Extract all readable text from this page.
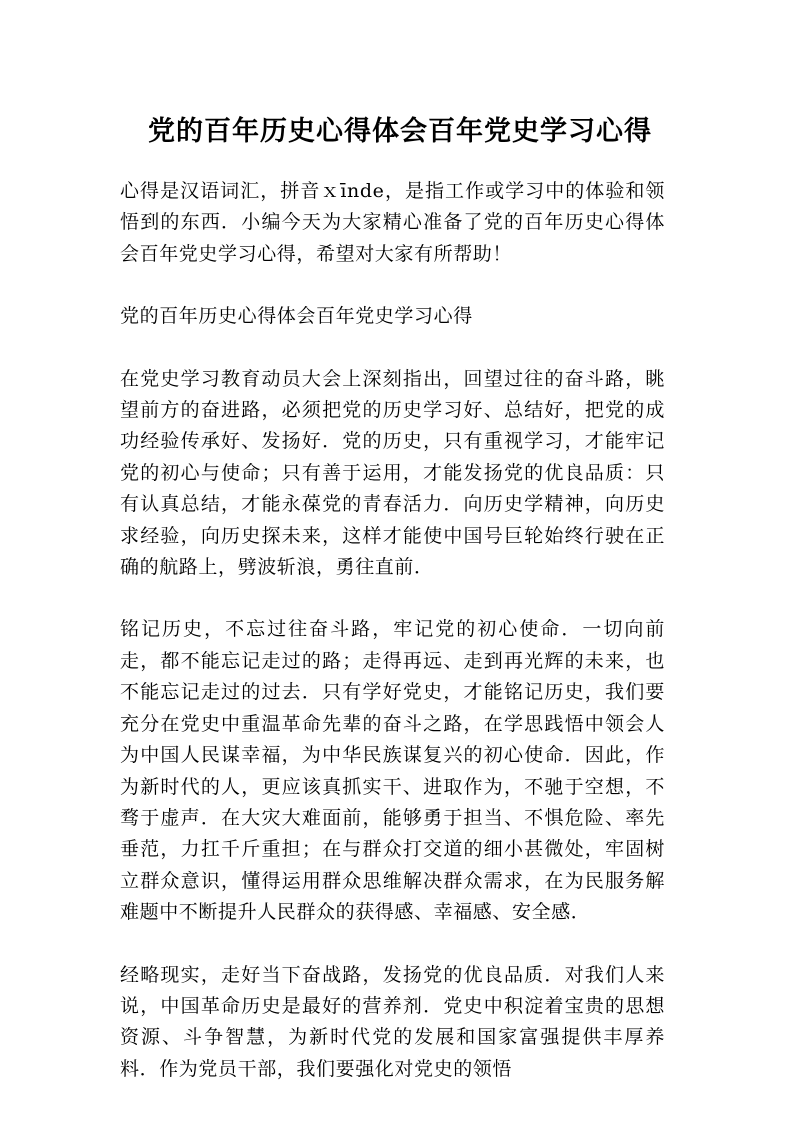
党的百年历史心得体会百年党史学习心得

心得是汉语词汇，拼音ｘīnde，是指工作或学习中的体验和领悟到的东西．小编今天为大家精心准备了党的百年历史心得体会百年党史学习心得，希望对大家有所帮助！

党的百年历史心得体会百年党史学习心得

在党史学习教育动员大会上深刻指出，回望过往的奋斗路，眺望前方的奋进路，必须把党的历史学习好、总结好，把党的成功经验传承好、发扬好．党的历史，只有重视学习，才能牢记党的初心与使命；只有善于运用，才能发扬党的优良品质：只有认真总结，才能永葆党的青春活力．向历史学精神，向历史求经验，向历史探未来，这样才能使中国号巨轮始终行驶在正确的航路上，劈波斩浪，勇往直前．

铭记历史，不忘过往奋斗路，牢记党的初心使命．一切向前走，都不能忘记走过的路；走得再远、走到再光辉的未来，也不能忘记走过的过去．只有学好党史，才能铭记历史，我们要充分在党史中重温革命先辈的奋斗之路，在学思践悟中领会人为中国人民谋幸福，为中华民族谋复兴的初心使命．因此，作为新时代的人，更应该真抓实干、进取作为，不驰于空想，不骛于虚声．在大灾大难面前，能够勇于担当、不惧危险、率先垂范，力扛千斤重担；在与群众打交道的细小甚微处，牢固树立群众意识，懂得运用群众思维解决群众需求，在为民服务解难题中不断提升人民群众的获得感、幸福感、安全感．

经略现实，走好当下奋战路，发扬党的优良品质．对我们人来说，中国革命历史是最好的营养剂．党史中积淀着宝贵的思想资源、斗争智慧，为新时代党的发展和国家富强提供丰厚养料．作为党员干部，我们要强化对党史的领悟
